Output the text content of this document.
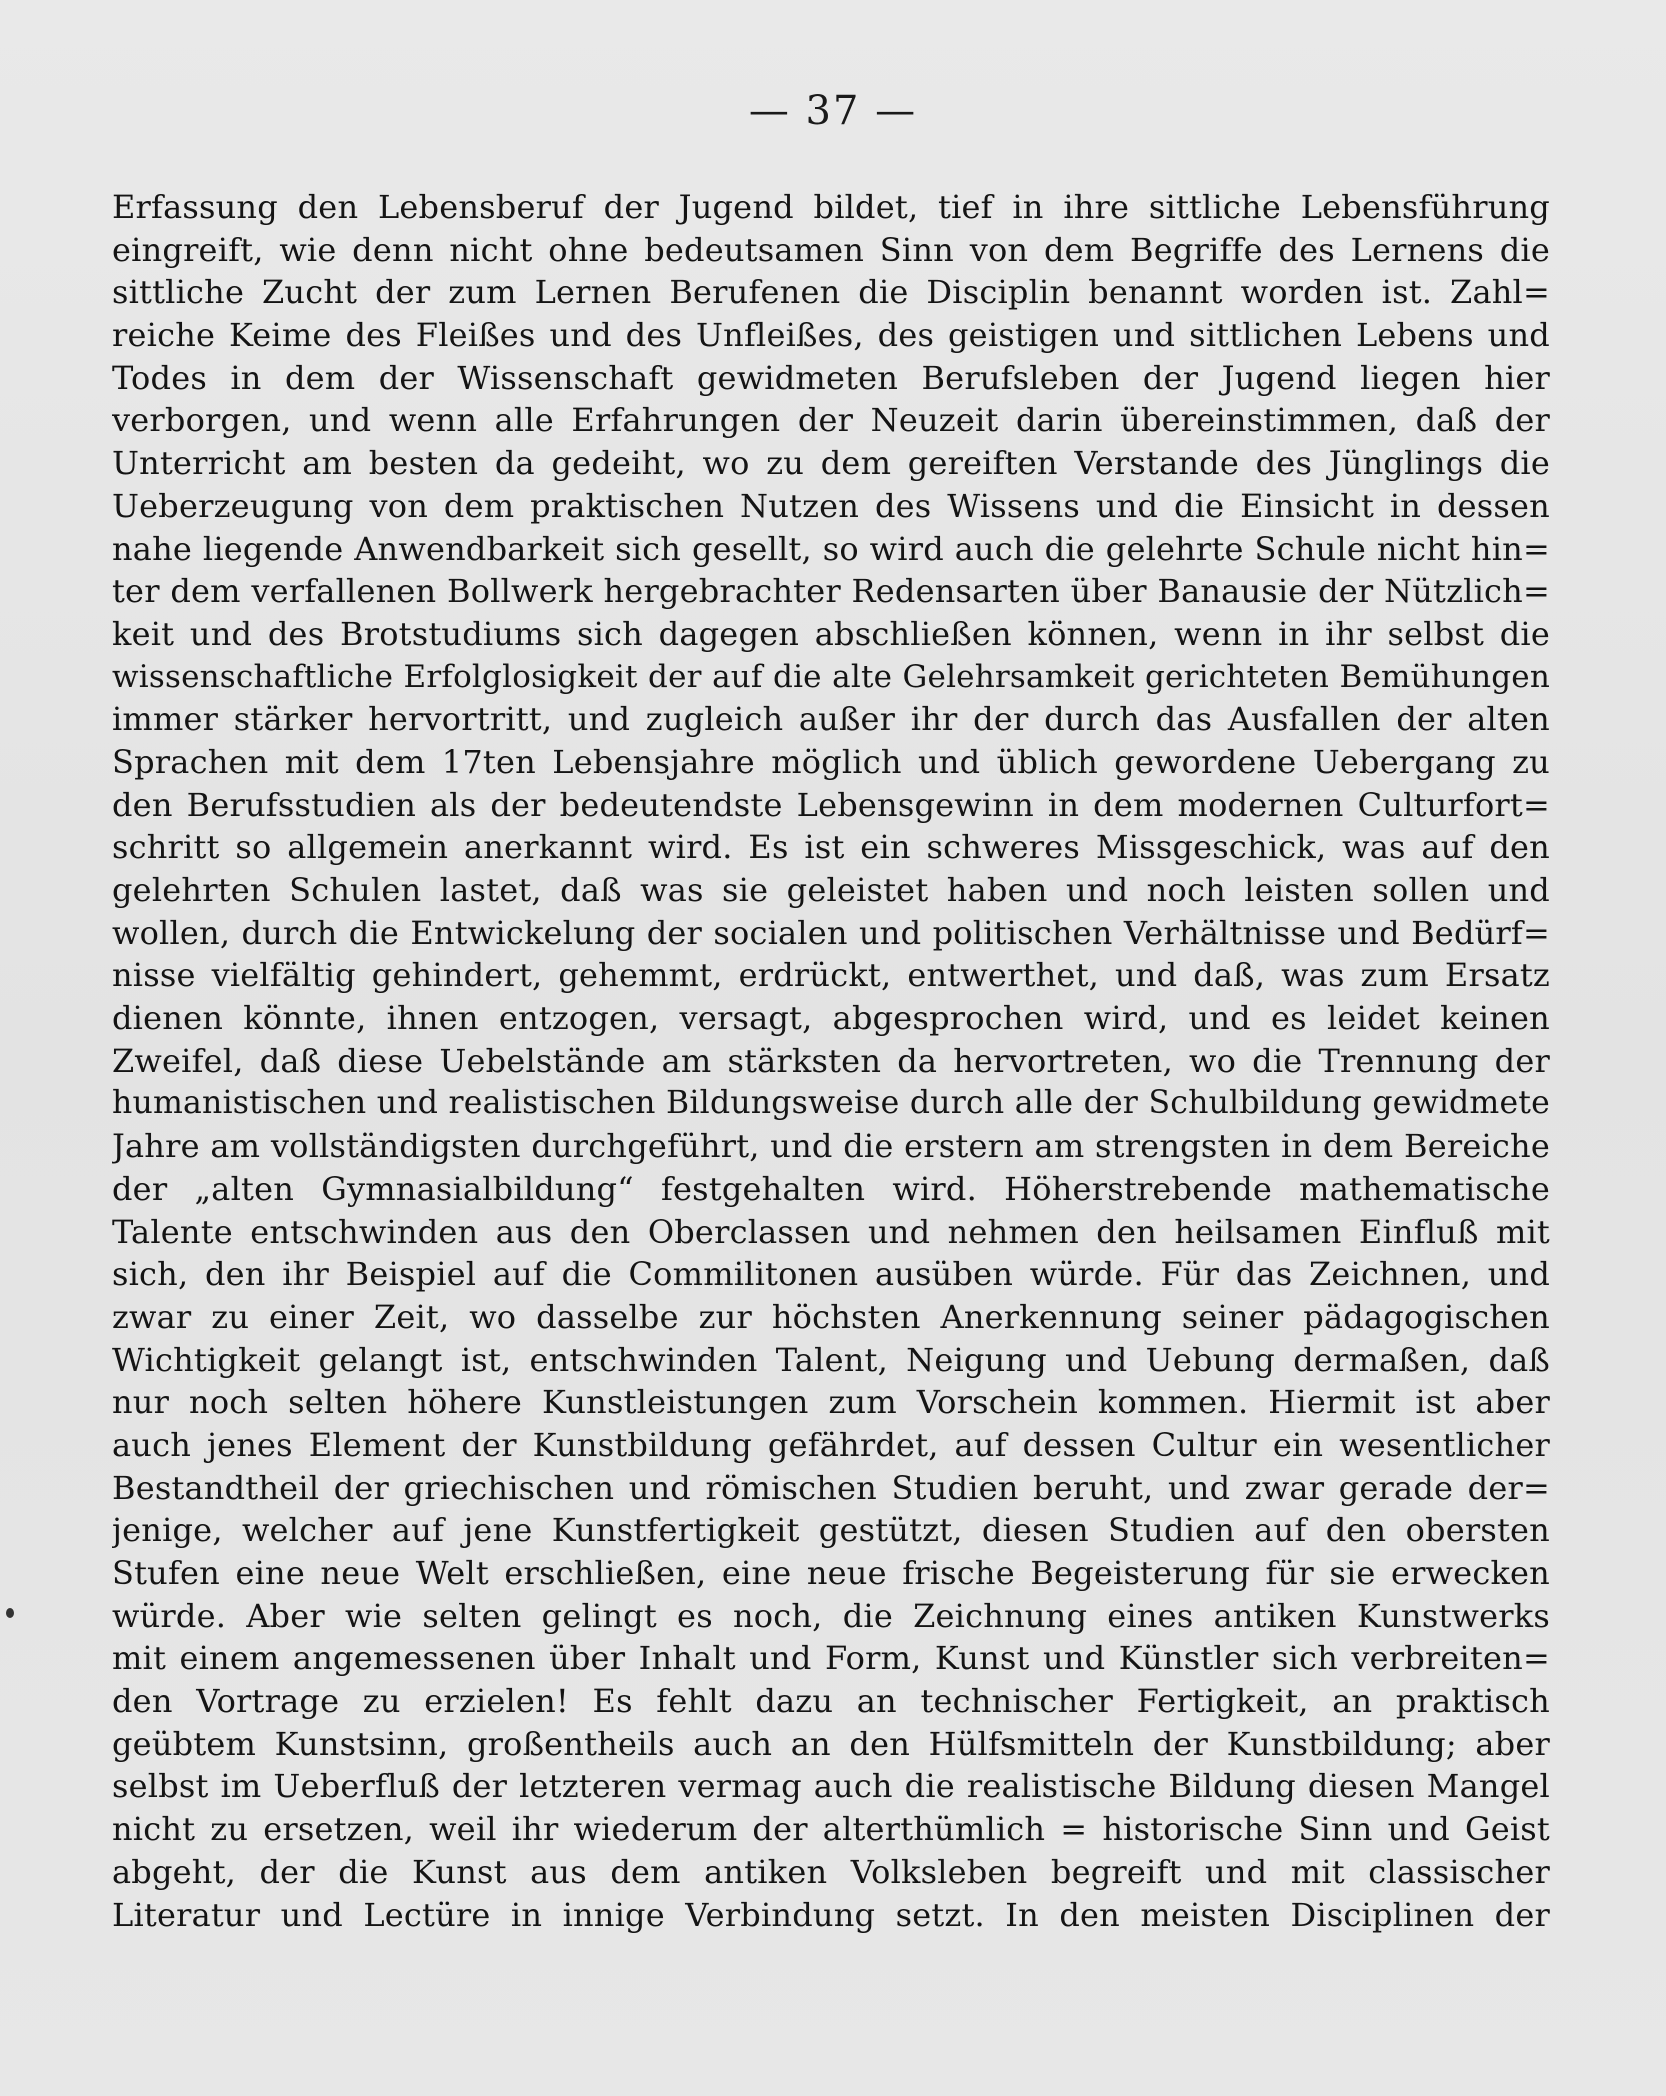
— 37 —
Erfassung den Lebensberuf der Jugend bildet, tief in ihre sittliche Lebensführung
eingreift, wie denn nicht ohne bedeutsamen Sinn von dem Begriffe des Lernens die
sittliche Zucht der zum Lernen Berufenen die Disciplin benannt worden ist. Zahl=
reiche Keime des Fleißes und des Unfleißes, des geistigen und sittlichen Lebens und
Todes in dem der Wissenschaft gewidmeten Berufsleben der Jugend liegen hier
verborgen, und wenn alle Erfahrungen der Neuzeit darin übereinstimmen, daß der
Unterricht am besten da gedeiht, wo zu dem gereiften Verstande des Jünglings die
Ueberzeugung von dem praktischen Nutzen des Wissens und die Einsicht in dessen
nahe liegende Anwendbarkeit sich gesellt, so wird auch die gelehrte Schule nicht hin=
ter dem verfallenen Bollwerk hergebrachter Redensarten über Banausie der Nützlich=
keit und des Brotstudiums sich dagegen abschließen können, wenn in ihr selbst die
wissenschaftliche Erfolglosigkeit der auf die alte Gelehrsamkeit gerichteten Bemühungen
immer stärker hervortritt, und zugleich außer ihr der durch das Ausfallen der alten
Sprachen mit dem 17ten Lebensjahre möglich und üblich gewordene Uebergang zu
den Berufsstudien als der bedeutendste Lebensgewinn in dem modernen Culturfort=
schritt so allgemein anerkannt wird. Es ist ein schweres Missgeschick, was auf den
gelehrten Schulen lastet, daß was sie geleistet haben und noch leisten sollen und
wollen, durch die Entwickelung der socialen und politischen Verhältnisse und Bedürf=
nisse vielfältig gehindert, gehemmt, erdrückt, entwerthet, und daß, was zum Ersatz
dienen könnte, ihnen entzogen, versagt, abgesprochen wird, und es leidet keinen
Zweifel, daß diese Uebelstände am stärksten da hervortreten, wo die Trennung der
humanistischen und realistischen Bildungsweise durch alle der Schulbildung gewidmete
Jahre am vollständigsten durchgeführt, und die erstern am strengsten in dem Bereiche
der „alten Gymnasialbildung“ festgehalten wird. Höherstrebende mathematische
Talente entschwinden aus den Oberclassen und nehmen den heilsamen Einfluß mit
sich, den ihr Beispiel auf die Commilitonen ausüben würde. Für das Zeichnen, und
zwar zu einer Zeit, wo dasselbe zur höchsten Anerkennung seiner pädagogischen
Wichtigkeit gelangt ist, entschwinden Talent, Neigung und Uebung dermaßen, daß
nur noch selten höhere Kunstleistungen zum Vorschein kommen. Hiermit ist aber
auch jenes Element der Kunstbildung gefährdet, auf dessen Cultur ein wesentlicher
Bestandtheil der griechischen und römischen Studien beruht, und zwar gerade der=
jenige, welcher auf jene Kunstfertigkeit gestützt, diesen Studien auf den obersten
Stufen eine neue Welt erschließen, eine neue frische Begeisterung für sie erwecken
würde. Aber wie selten gelingt es noch, die Zeichnung eines antiken Kunstwerks
mit einem angemessenen über Inhalt und Form, Kunst und Künstler sich verbreiten=
den Vortrage zu erzielen! Es fehlt dazu an technischer Fertigkeit, an praktisch
geübtem Kunstsinn, großentheils auch an den Hülfsmitteln der Kunstbildung; aber
selbst im Ueberfluß der letzteren vermag auch die realistische Bildung diesen Mangel
nicht zu ersetzen, weil ihr wiederum der alterthümlich = historische Sinn und Geist
abgeht, der die Kunst aus dem antiken Volksleben begreift und mit classischer
Literatur und Lectüre in innige Verbindung setzt. In den meisten Disciplinen der
